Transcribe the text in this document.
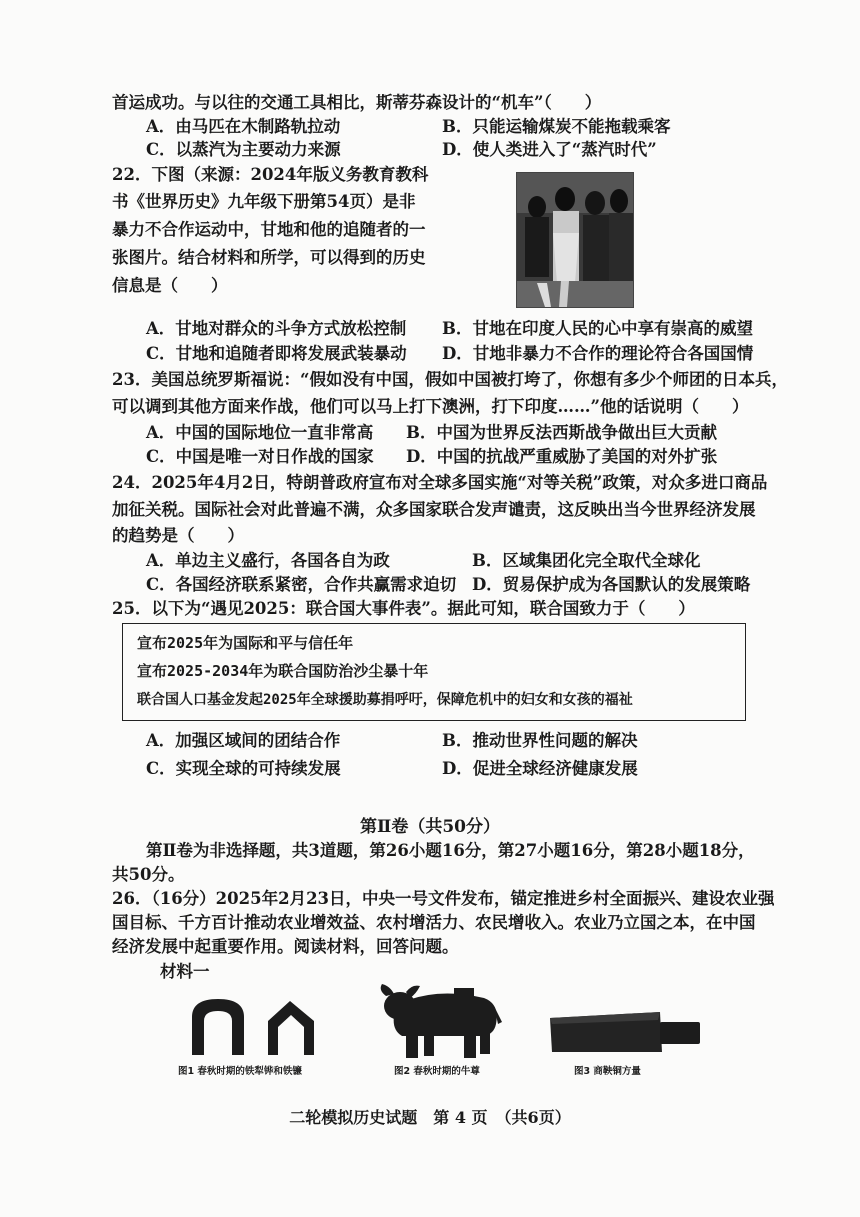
首运成功。与以往的交通工具相比，斯蒂芬森设计的“机车”（　　）
A．由马匹在木制路轨拉动	B．只能运输煤炭不能拖载乘客
C．以蒸汽为主要动力来源	D．使人类进入了“蒸汽时代”
22．下图（来源：2024年版义务教育教科
书《世界历史》九年级下册第54页）是非
暴力不合作运动中，甘地和他的追随者的一
张图片。结合材料和所学，可以得到的历史
信息是（　　）
A．甘地对群众的斗争方式放松控制 B．甘地在印度人民的心中享有崇高的威望
C．甘地和追随者即将发展武装暴动 D．甘地非暴力不合作的理论符合各国国情
23．美国总统罗斯福说：“假如没有中国，假如中国被打垮了，你想有多少个师团的日本兵，
可以调到其他方面来作战，他们可以马上打下澳洲，打下印度……”他的话说明（　　）
A．中国的国际地位一直非常高 B．中国为世界反法西斯战争做出巨大贡献
C．中国是唯一对日作战的国家 D．中国的抗战严重威胁了美国的对外扩张
24．2025年4月2日，特朗普政府宣布对全球多国实施“对等关税”政策，对众多进口商品
加征关税。国际社会对此普遍不满，众多国家联合发声谴责，这反映出当今世界经济发展
的趋势是（　　）
A．单边主义盛行，各国各自为政	B．区域集团化完全取代全球化
C．各国经济联系紧密，合作共赢需求迫切 D．贸易保护成为各国默认的发展策略
25．以下为“遇见2025：联合国大事件表”。据此可知，联合国致力于（　　）
宣布2025年为国际和平与信任年
宣布2025-2034年为联合国防治沙尘暴十年
联合国人口基金发起2025年全球援助募捐呼吁，保障危机中的妇女和女孩的福祉
A．加强区域间的团结合作	B．推动世界性问题的解决
C．实现全球的可持续发展	D．促进全球经济健康发展
第Ⅱ卷（共50分）
第Ⅱ卷为非选择题，共3道题，第26小题16分，第27小题16分，第28小题18分，
共50分。
26．（16分）2025年2月23日，中央一号文件发布，锚定推进乡村全面振兴、建设农业强
国目标、千方百计推动农业增效益、农村增活力、农民增收入。农业乃立国之本，在中国
经济发展中起重要作用。阅读材料，回答问题。
材料一
图1 春秋时期的铁犁铧和铁镰	图2 春秋时期的牛尊	图3 商鞅铜方量
二轮模拟历史试题　第 4 页　（共6页）
